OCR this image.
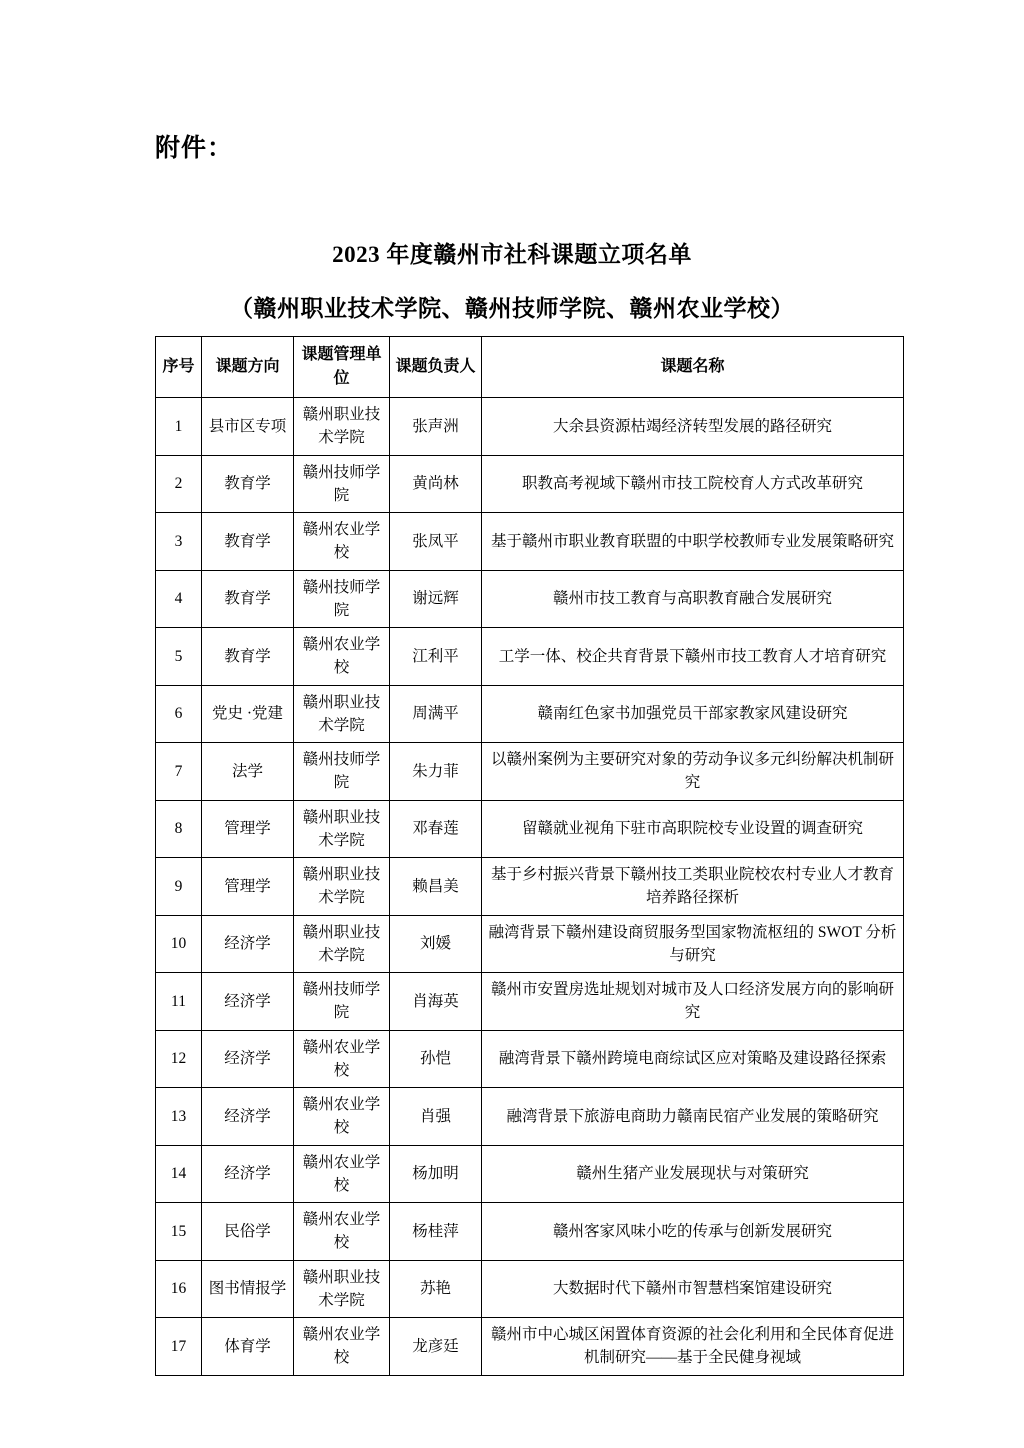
附件：
2023 年度赣州市社科课题立项名单
（赣州职业技术学院、赣州技师学院、赣州农业学校）
序号	课题方向	课题管理单位	课题负责人	课题名称
1	县市区专项	赣州职业技术学院	张声洲	大余县资源枯竭经济转型发展的路径研究
2	教育学	赣州技师学院	黄尚林	职教高考视域下赣州市技工院校育人方式改革研究
3	教育学	赣州农业学校	张凤平	基于赣州市职业教育联盟的中职学校教师专业发展策略研究
4	教育学	赣州技师学院	谢远辉	赣州市技工教育与高职教育融合发展研究
5	教育学	赣州农业学校	江利平	工学一体、校企共育背景下赣州市技工教育人才培育研究
6	党史 ·党建	赣州职业技术学院	周满平	赣南红色家书加强党员干部家教家风建设研究
7	法学	赣州技师学院	朱力菲	以赣州案例为主要研究对象的劳动争议多元纠纷解决机制研究
8	管理学	赣州职业技术学院	邓春莲	留赣就业视角下驻市高职院校专业设置的调查研究
9	管理学	赣州职业技术学院	赖昌美	基于乡村振兴背景下赣州技工类职业院校农村专业人才教育培养路径探析
10	经济学	赣州职业技术学院	刘媛	融湾背景下赣州建设商贸服务型国家物流枢纽的 SWOT 分析与研究
11	经济学	赣州技师学院	肖海英	赣州市安置房选址规划对城市及人口经济发展方向的影响研究
12	经济学	赣州农业学校	孙恺	融湾背景下赣州跨境电商综试区应对策略及建设路径探索
13	经济学	赣州农业学校	肖强	融湾背景下旅游电商助力赣南民宿产业发展的策略研究
14	经济学	赣州农业学校	杨加明	赣州生猪产业发展现状与对策研究
15	民俗学	赣州农业学校	杨桂萍	赣州客家风味小吃的传承与创新发展研究
16	图书情报学	赣州职业技术学院	苏艳	大数据时代下赣州市智慧档案馆建设研究
17	体育学	赣州农业学校	龙彦廷	赣州市中心城区闲置体育资源的社会化利用和全民体育促进机制研究——基于全民健身视域
